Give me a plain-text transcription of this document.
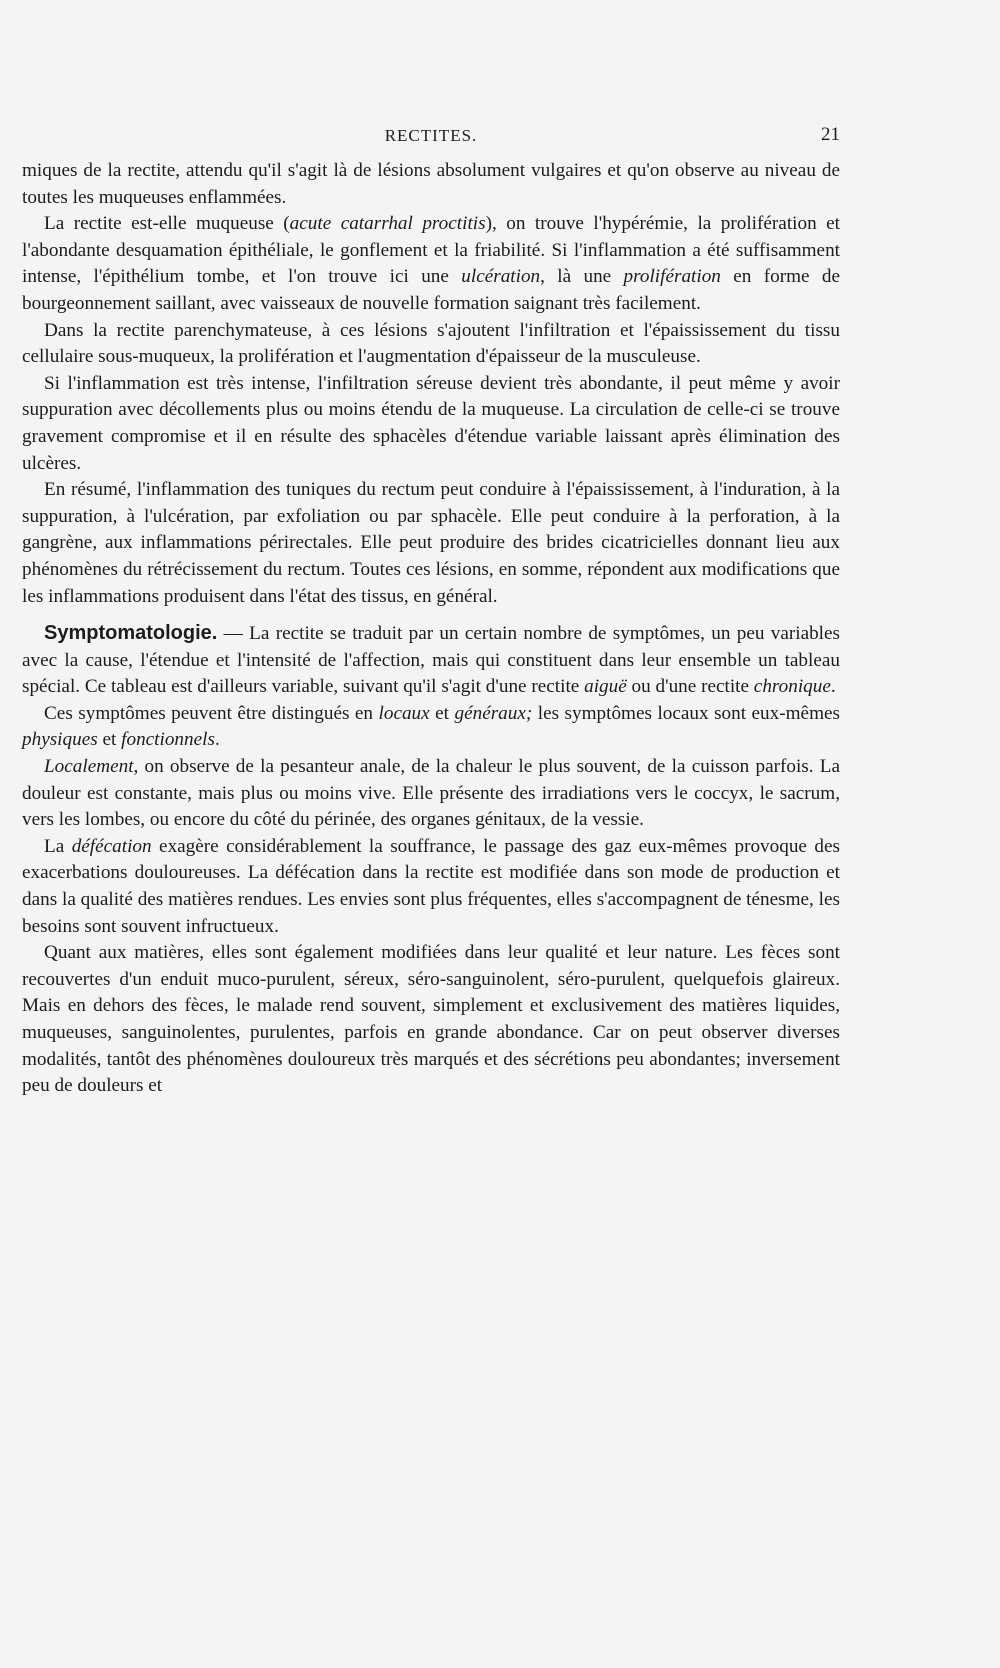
RECTITES.	21

miques de la rectite, attendu qu'il s'agit là de lésions absolument vulgaires et qu'on observe au niveau de toutes les muqueuses enflammées.

La rectite est-elle muqueuse (acute catarrhal proctitis), on trouve l'hypérémie, la prolifération et l'abondante desquamation épithéliale, le gonflement et la friabilité. Si l'inflammation a été suffisamment intense, l'épithélium tombe, et l'on trouve ici une ulcération, là une prolifération en forme de bourgeonnement saillant, avec vaisseaux de nouvelle formation saignant très facilement.

Dans la rectite parenchymateuse, à ces lésions s'ajoutent l'infiltration et l'épaississement du tissu cellulaire sous-muqueux, la prolifération et l'augmentation d'épaisseur de la musculeuse.

Si l'inflammation est très intense, l'infiltration séreuse devient très abondante, il peut même y avoir suppuration avec décollements plus ou moins étendu de la muqueuse. La circulation de celle-ci se trouve gravement compromise et il en résulte des sphacèles d'étendue variable laissant après élimination des ulcères.

En résumé, l'inflammation des tuniques du rectum peut conduire à l'épaississement, à l'induration, à la suppuration, à l'ulcération, par exfoliation ou par sphacèle. Elle peut conduire à la perforation, à la gangrène, aux inflammations périrectales. Elle peut produire des brides cicatricielles donnant lieu aux phénomènes du rétrécissement du rectum. Toutes ces lésions, en somme, répondent aux modifications que les inflammations produisent dans l'état des tissus, en général.

Symptomatologie. — La rectite se traduit par un certain nombre de symptômes, un peu variables avec la cause, l'étendue et l'intensité de l'affection, mais qui constituent dans leur ensemble un tableau spécial. Ce tableau est d'ailleurs variable, suivant qu'il s'agit d'une rectite aiguë ou d'une rectite chronique.

Ces symptômes peuvent être distingués en locaux et généraux; les symptômes locaux sont eux-mêmes physiques et fonctionnels.

Localement, on observe de la pesanteur anale, de la chaleur le plus souvent, de la cuisson parfois. La douleur est constante, mais plus ou moins vive. Elle présente des irradiations vers le coccyx, le sacrum, vers les lombes, ou encore du côté du périnée, des organes génitaux, de la vessie.

La défécation exagère considérablement la souffrance, le passage des gaz eux-mêmes provoque des exacerbations douloureuses. La défécation dans la rectite est modifiée dans son mode de production et dans la qualité des matières rendues. Les envies sont plus fréquentes, elles s'accompagnent de ténesme, les besoins sont souvent infructueux.

Quant aux matières, elles sont également modifiées dans leur qualité et leur nature. Les fèces sont recouvertes d'un enduit muco-purulent, séreux, séro-sanguinolent, séro-purulent, quelquefois glaireux. Mais en dehors des fèces, le malade rend souvent, simplement et exclusivement des matières liquides, muqueuses, sanguinolentes, purulentes, parfois en grande abondance. Car on peut observer diverses modalités, tantôt des phénomènes douloureux très marqués et des sécrétions peu abondantes; inversement peu de douleurs et
